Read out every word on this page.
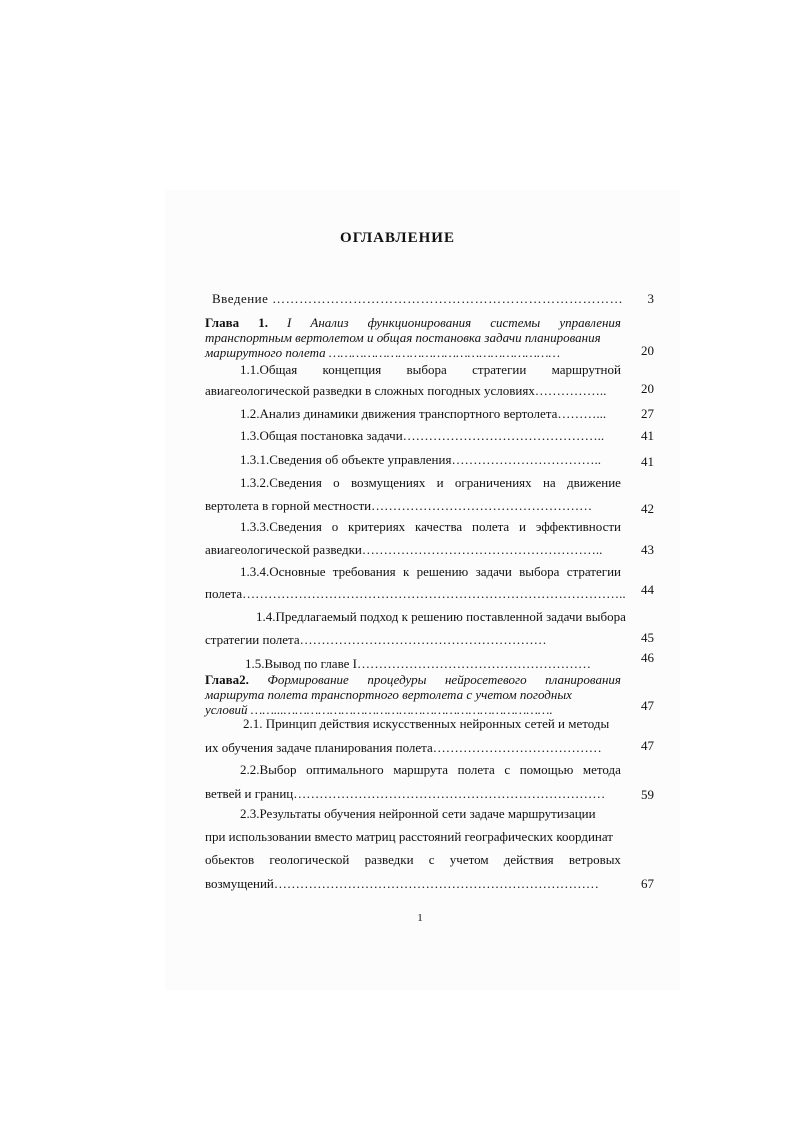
ОГЛАВЛЕНИЕ
Введение ……………………………………………………………………	3
Глава 1. I Анализ функционирования системы управления
транспортным вертолетом и общая постановка задачи планирования
маршрутного полета ……………………………………………………	20
1.1.Общая концепция выбора стратегии маршрутной
авиагеологической разведки в сложных погодных условиях……………..	20
1.2.Анализ динамики движения транспортного вертолета………...	27
1.3.Общая постановка задачи………………………………………..	41
1.3.1.Сведения об объекте управления……………………………..	41
1.3.2.Сведения о возмущениях и ограничениях на движение
вертолета в горной местности……………………………………………	42
1.3.3.Сведения о критериях качества полета и эффективности
авиагеологической разведки………………………………………………..	43
1.3.4.Основные требования к решению задачи выбора стратегии
полета……………………………………………………………………………..	44
1.4.Предлагаемый подход к решению поставленной задачи выбора
стратегии полета…………………………………………………	45
1.5.Вывод по главе I………………………………………………	46
Глава2. Формирование процедуры нейросетевого планирования
маршрута полета транспортного вертолета с учетом погодных
условий ……...…………………………………………………………….	47
2.1. Принцип действия искусственных нейронных сетей и методы
их обучения задаче планирования полета…………………………………	47
2.2.Выбор оптимального маршрута полета с помощью метода
ветвей и границ………………………………………………………………	59
2.3.Результаты обучения нейронной сети задаче маршрутизации
при использовании вместо матриц расстояний географических координат
обьектов геологической разведки с учетом действия ветровых
возмущений…………………………………………………………………	67
1
